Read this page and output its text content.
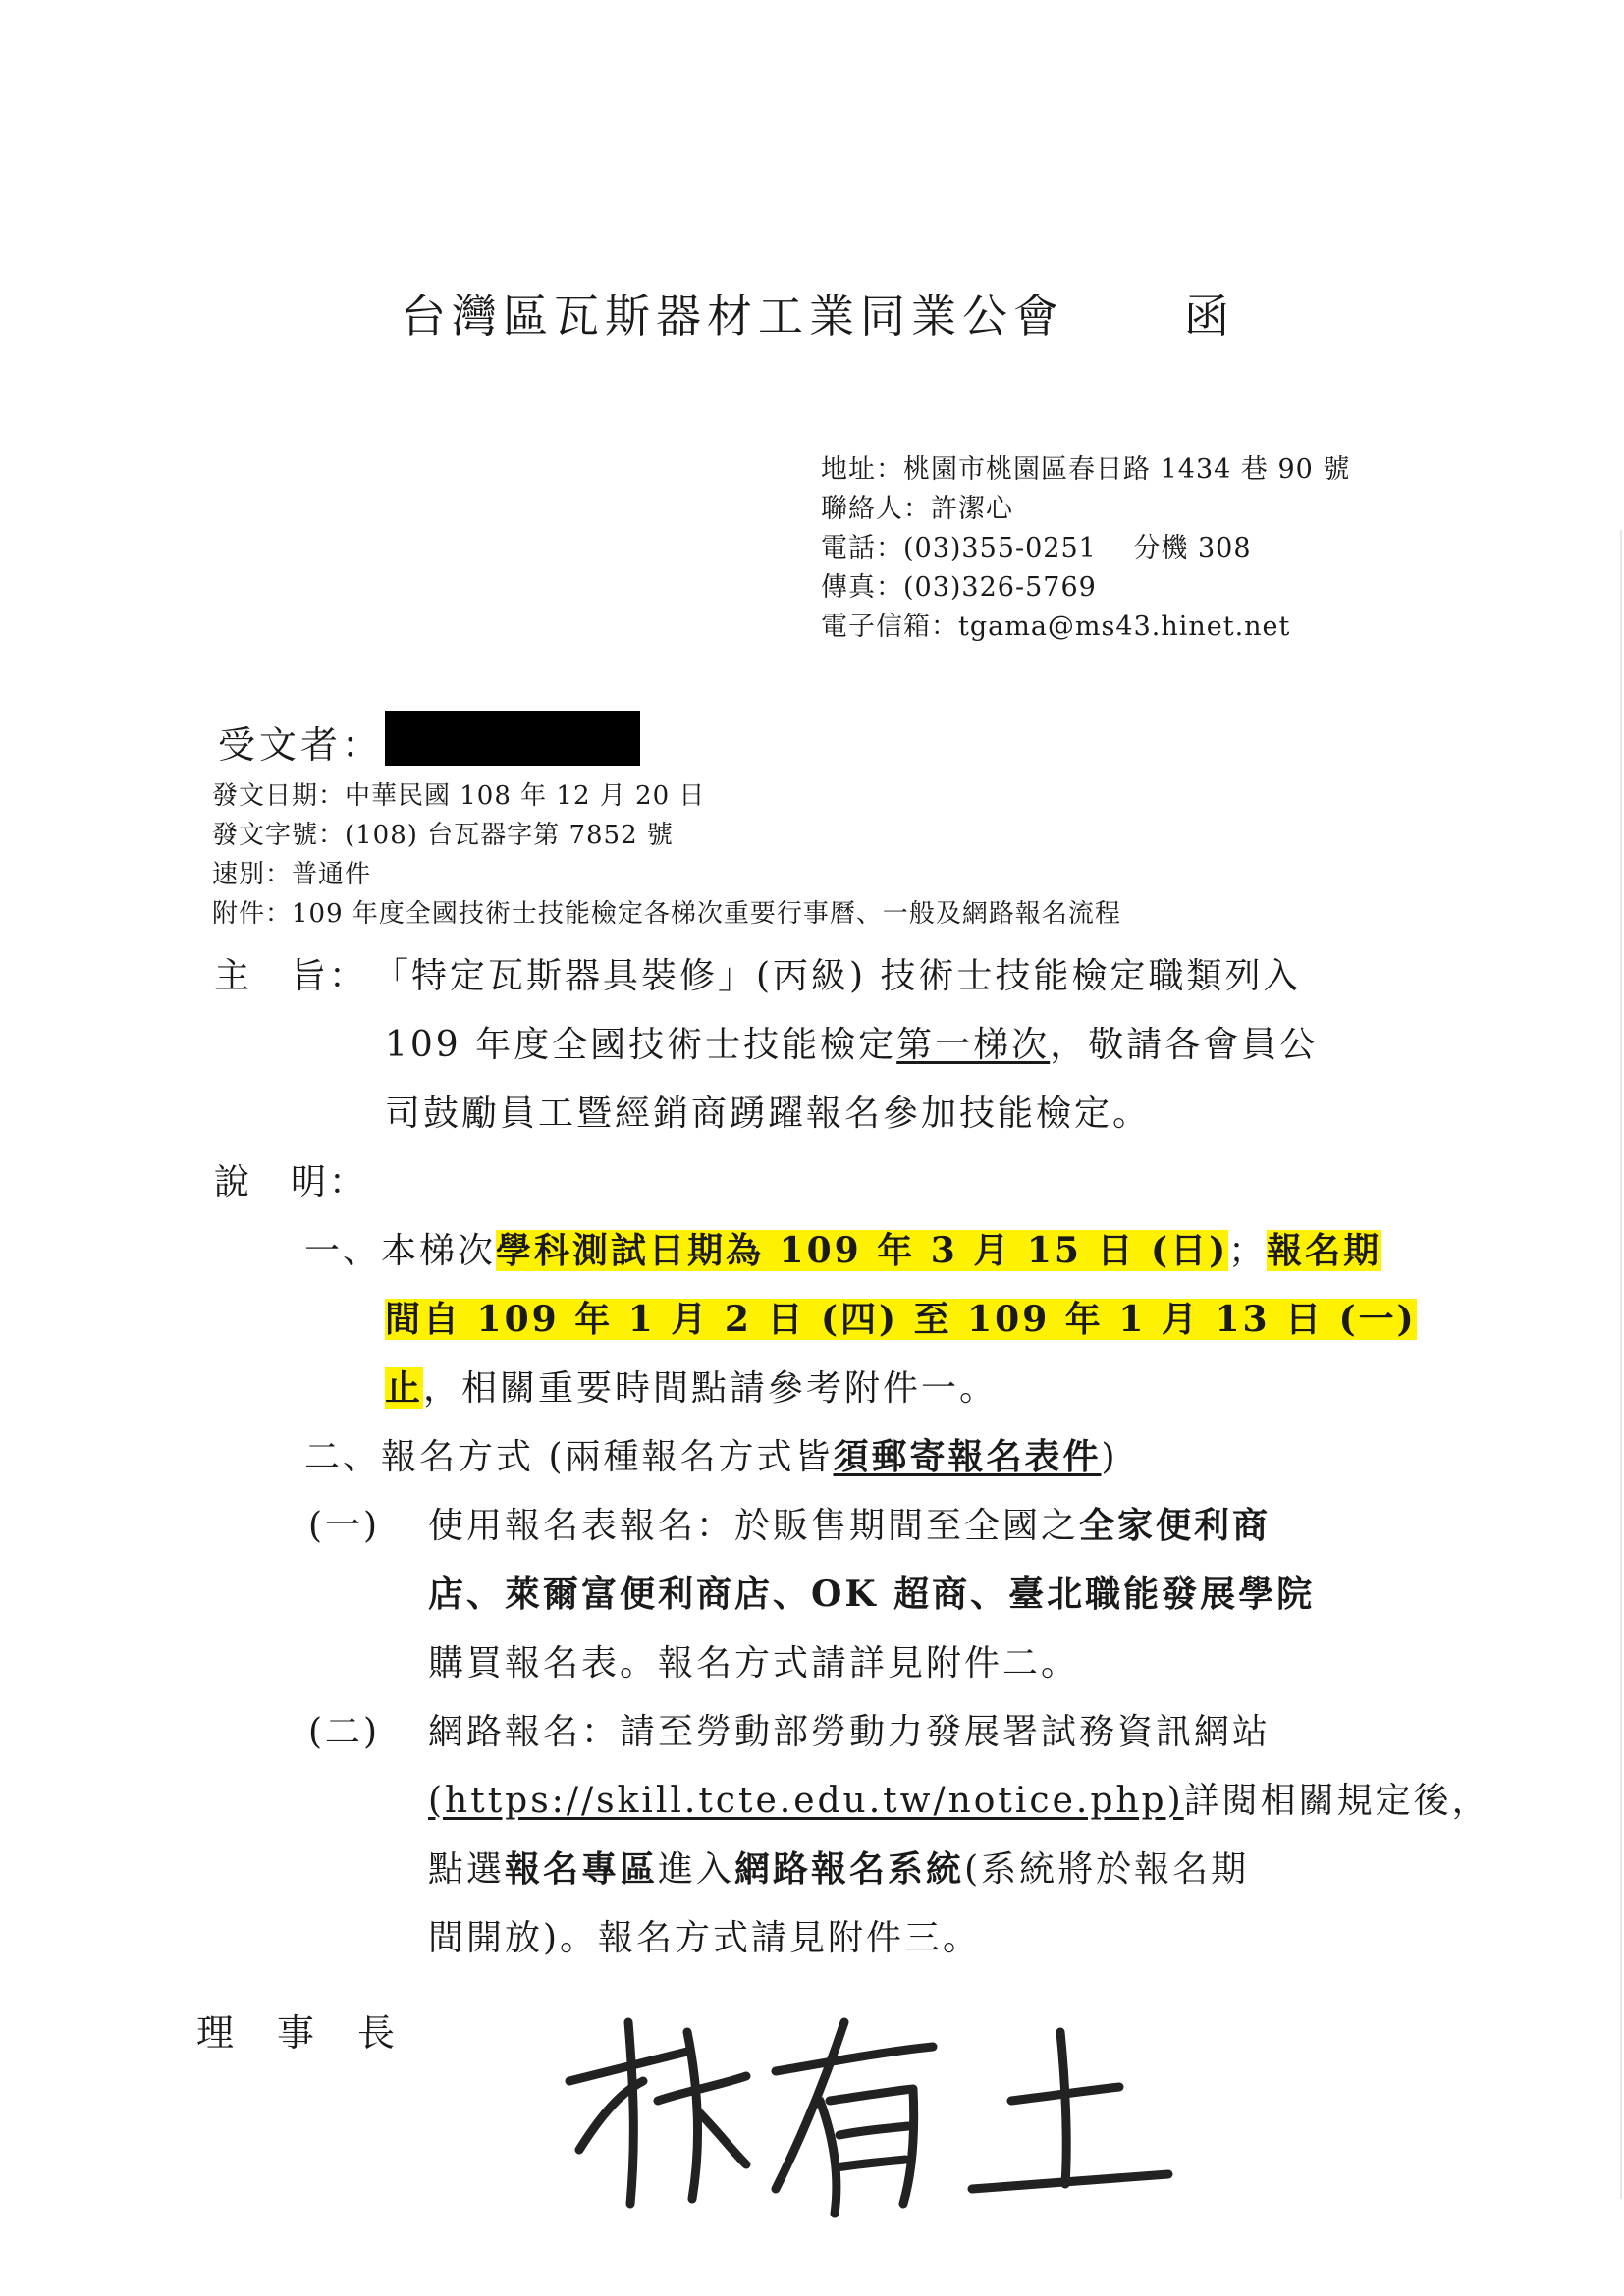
台灣區瓦斯器材工業同業公會	函
地址：桃園市桃園區春日路 1434 巷 90 號
聯絡人：許潔心
電話：(03)355-0251　 分機 308
傳真：(03)326-5769
電子信箱：tgama@ms43.hinet.net
受文者：
發文日期：中華民國 108 年 12 月 20 日
發文字號：(108) 台瓦器字第 7852 號
速別：普通件
附件：109 年度全國技術士技能檢定各梯次重要行事曆、一般及網路報名流程
主　旨： 「特定瓦斯器具裝修」(丙級) 技術士技能檢定職類列入
109 年度全國技術士技能檢定第一梯次，敬請各會員公
司鼓勵員工暨經銷商踴躍報名參加技能檢定。
說　明：
一、本梯次學科測試日期為 109 年 3 月 15 日 (日)；報名期
間自 109 年 1 月 2 日 (四) 至 109 年 1 月 13 日 (一)
止，相關重要時間點請參考附件一。
二、報名方式 (兩種報名方式皆須郵寄報名表件)
(一) 使用報名表報名：於販售期間至全國之全家便利商
店、萊爾富便利商店、OK 超商、臺北職能發展學院
購買報名表。報名方式請詳見附件二。
(二) 網路報名：請至勞動部勞動力發展署試務資訊網站
(https://skill.tcte.edu.tw/notice.php)詳閱相關規定後，
點選報名專區進入網路報名系統(系統將於報名期
間開放)。報名方式請見附件三。
理　事　長
